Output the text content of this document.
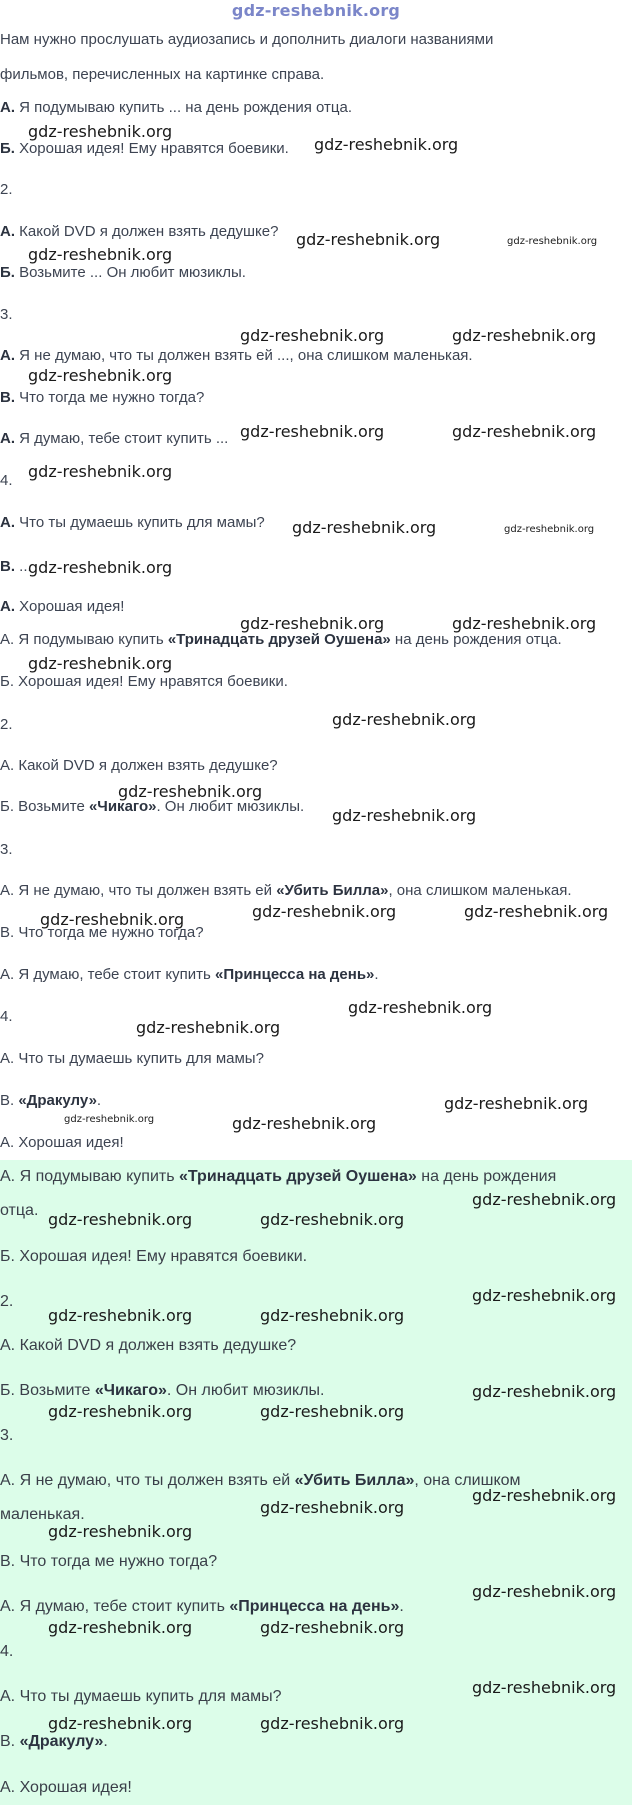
gdz-reshebnik.org
Нам нужно прослушать аудиозапись и дополнить диалоги названиями
фильмов, перечисленных на картинке справа.
А. Я подумываю купить ... на день рождения отца.
Б. Хорошая идея! Ему нравятся боевики.
2.
А. Какой DVD я должен взять дедушке?
Б. Возьмите ... Он любит мюзиклы.
3.
А. Я не думаю, что ты должен взять ей ..., она слишком маленькая.
В. Что тогда ме нужно тогда?
А. Я думаю, тебе стоит купить ...
4.
А. Что ты думаешь купить для мамы?
В. ...
А. Хорошая идея!
А. Я подумываю купить «Тринадцать друзей Оушена» на день рождения отца.
Б. Хорошая идея! Ему нравятся боевики.
2.
А. Какой DVD я должен взять дедушке?
Б. Возьмите «Чикаго». Он любит мюзиклы.
3.
А. Я не думаю, что ты должен взять ей «Убить Билла», она слишком маленькая.
В. Что тогда ме нужно тогда?
А. Я думаю, тебе стоит купить «Принцесса на день».
4.
А. Что ты думаешь купить для мамы?
В. «Дракулу».
А. Хорошая идея!
А. Я подумываю купить «Тринадцать друзей Оушена» на день рождения
отца.
Б. Хорошая идея! Ему нравятся боевики.
2.
А. Какой DVD я должен взять дедушке?
Б. Возьмите «Чикаго». Он любит мюзиклы.
3.
А. Я не думаю, что ты должен взять ей «Убить Билла», она слишком
маленькая.
В. Что тогда ме нужно тогда?
А. Я думаю, тебе стоит купить «Принцесса на день».
4.
А. Что ты думаешь купить для мамы?
В. «Дракулу».
А. Хорошая идея!
gdz-reshebnik.org
gdz-reshebnik.org
gdz-reshebnik.org	gdz-reshebnik.org
gdz-reshebnik.org
gdz-reshebnik.org	gdz-reshebnik.org
gdz-reshebnik.org
gdz-reshebnik.org	gdz-reshebnik.org
gdz-reshebnik.org
gdz-reshebnik.org	gdz-reshebnik.org
gdz-reshebnik.org
gdz-reshebnik.org	gdz-reshebnik.org
gdz-reshebnik.org
gdz-reshebnik.org
gdz-reshebnik.org
gdz-reshebnik.org
gdz-reshebnik.org	gdz-reshebnik.org	gdz-reshebnik.org
gdz-reshebnik.org
gdz-reshebnik.org
gdz-reshebnik.org
gdz-reshebnik.org	gdz-reshebnik.org
gdz-reshebnik.org
gdz-reshebnik.org	gdz-reshebnik.org
gdz-reshebnik.org
gdz-reshebnik.org	gdz-reshebnik.org
gdz-reshebnik.org
gdz-reshebnik.org	gdz-reshebnik.org
gdz-reshebnik.org
gdz-reshebnik.org
gdz-reshebnik.org
gdz-reshebnik.org
gdz-reshebnik.org	gdz-reshebnik.org
gdz-reshebnik.org
gdz-reshebnik.org	gdz-reshebnik.org
